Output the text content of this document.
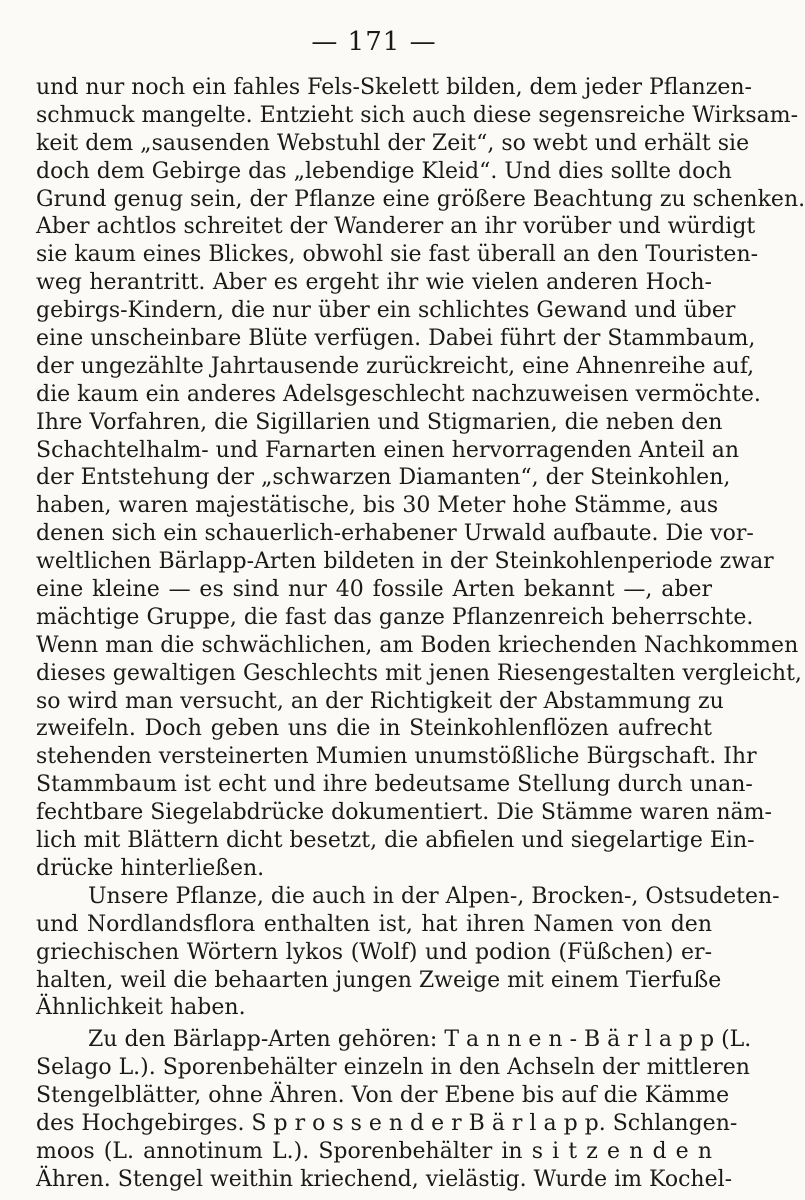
— 171 —
und nur noch ein fahles Fels-Skelett bilden, dem jeder Pflanzen-
schmuck mangelte. Entzieht sich auch diese segensreiche Wirksam-
keit dem „sausenden Webstuhl der Zeit“, so webt und erhält sie
doch dem Gebirge das „lebendige Kleid“. Und dies sollte doch
Grund genug sein, der Pflanze eine größere Beachtung zu schenken.
Aber achtlos schreitet der Wanderer an ihr vorüber und würdigt
sie kaum eines Blickes, obwohl sie fast überall an den Touristen-
weg herantritt. Aber es ergeht ihr wie vielen anderen Hoch-
gebirgs-Kindern, die nur über ein schlichtes Gewand und über
eine unscheinbare Blüte verfügen. Dabei führt der Stammbaum,
der ungezählte Jahrtausende zurückreicht, eine Ahnenreihe auf,
die kaum ein anderes Adelsgeschlecht nachzuweisen vermöchte.
Ihre Vorfahren, die Sigillarien und Stigmarien, die neben den
Schachtelhalm- und Farnarten einen hervorragenden Anteil an
der Entstehung der „schwarzen Diamanten“, der Steinkohlen,
haben, waren majestätische, bis 30 Meter hohe Stämme, aus
denen sich ein schauerlich-erhabener Urwald aufbaute. Die vor-
weltlichen Bärlapp-Arten bildeten in der Steinkohlenperiode zwar
eine kleine — es sind nur 40 fossile Arten bekannt —, aber
mächtige Gruppe, die fast das ganze Pflanzenreich beherrschte.
Wenn man die schwächlichen, am Boden kriechenden Nachkommen
dieses gewaltigen Geschlechts mit jenen Riesengestalten vergleicht,
so wird man versucht, an der Richtigkeit der Abstammung zu
zweifeln. Doch geben uns die in Steinkohlenflözen aufrecht
stehenden versteinerten Mumien unumstößliche Bürgschaft. Ihr
Stammbaum ist echt und ihre bedeutsame Stellung durch unan-
fechtbare Siegelabdrücke dokumentiert. Die Stämme waren näm-
lich mit Blättern dicht besetzt, die abfielen und siegelartige Ein-
drücke hinterließen.
Unsere Pflanze, die auch in der Alpen-, Brocken-, Ostsudeten-
und Nordlandsflora enthalten ist, hat ihren Namen von den
griechischen Wörtern lykos (Wolf) und podion (Füßchen) er-
halten, weil die behaarten jungen Zweige mit einem Tierfuße
Ähnlichkeit haben.
Zu den Bärlapp-Arten gehören: T a n n e n - B ä r l a p p (L.
Selago L.). Sporenbehälter einzeln in den Achseln der mittleren
Stengelblätter, ohne Ähren. Von der Ebene bis auf die Kämme
des Hochgebirges. S p r o s s e n d e r B ä r l a p p. Schlangen-
moos (L. annotinum L.). Sporenbehälter in s i t z e n d e n
Ähren. Stengel weithin kriechend, vielästig. Wurde im Kochel-
